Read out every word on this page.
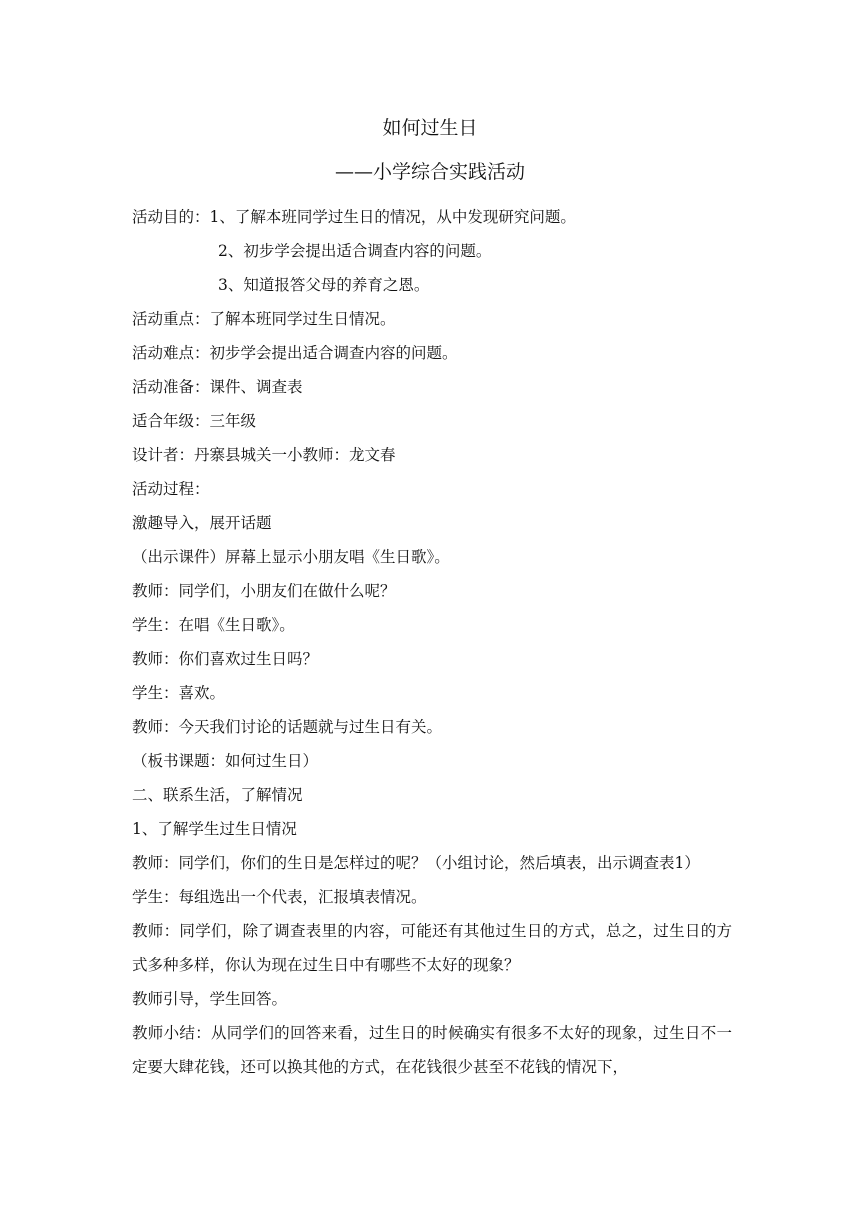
如何过生日
——小学综合实践活动
活动目的：1、了解本班同学过生日的情况，从中发现研究问题。
2、初步学会提出适合调查内容的问题。
3、知道报答父母的养育之恩。
活动重点：了解本班同学过生日情况。
活动难点：初步学会提出适合调查内容的问题。
活动准备：课件、调查表
适合年级：三年级
设计者：丹寨县城关一小教师：龙文春
活动过程：
激趣导入，展开话题
（出示课件）屏幕上显示小朋友唱《生日歌》。
教师：同学们，小朋友们在做什么呢？
学生：在唱《生日歌》。
教师：你们喜欢过生日吗？
学生：喜欢。
教师：今天我们讨论的话题就与过生日有关。
（板书课题：如何过生日）
二、联系生活，了解情况
1、了解学生过生日情况
教师：同学们，你们的生日是怎样过的呢？（小组讨论，然后填表，出示调查表1）
学生：每组选出一个代表，汇报填表情况。
教师：同学们，除了调查表里的内容，可能还有其他过生日的方式，总之，过生日的方式多种多样，你认为现在过生日中有哪些不太好的现象？
教师引导，学生回答。
教师小结：从同学们的回答来看，过生日的时候确实有很多不太好的现象，过生日不一定要大肆花钱，还可以换其他的方式，在花钱很少甚至不花钱的情况下，
